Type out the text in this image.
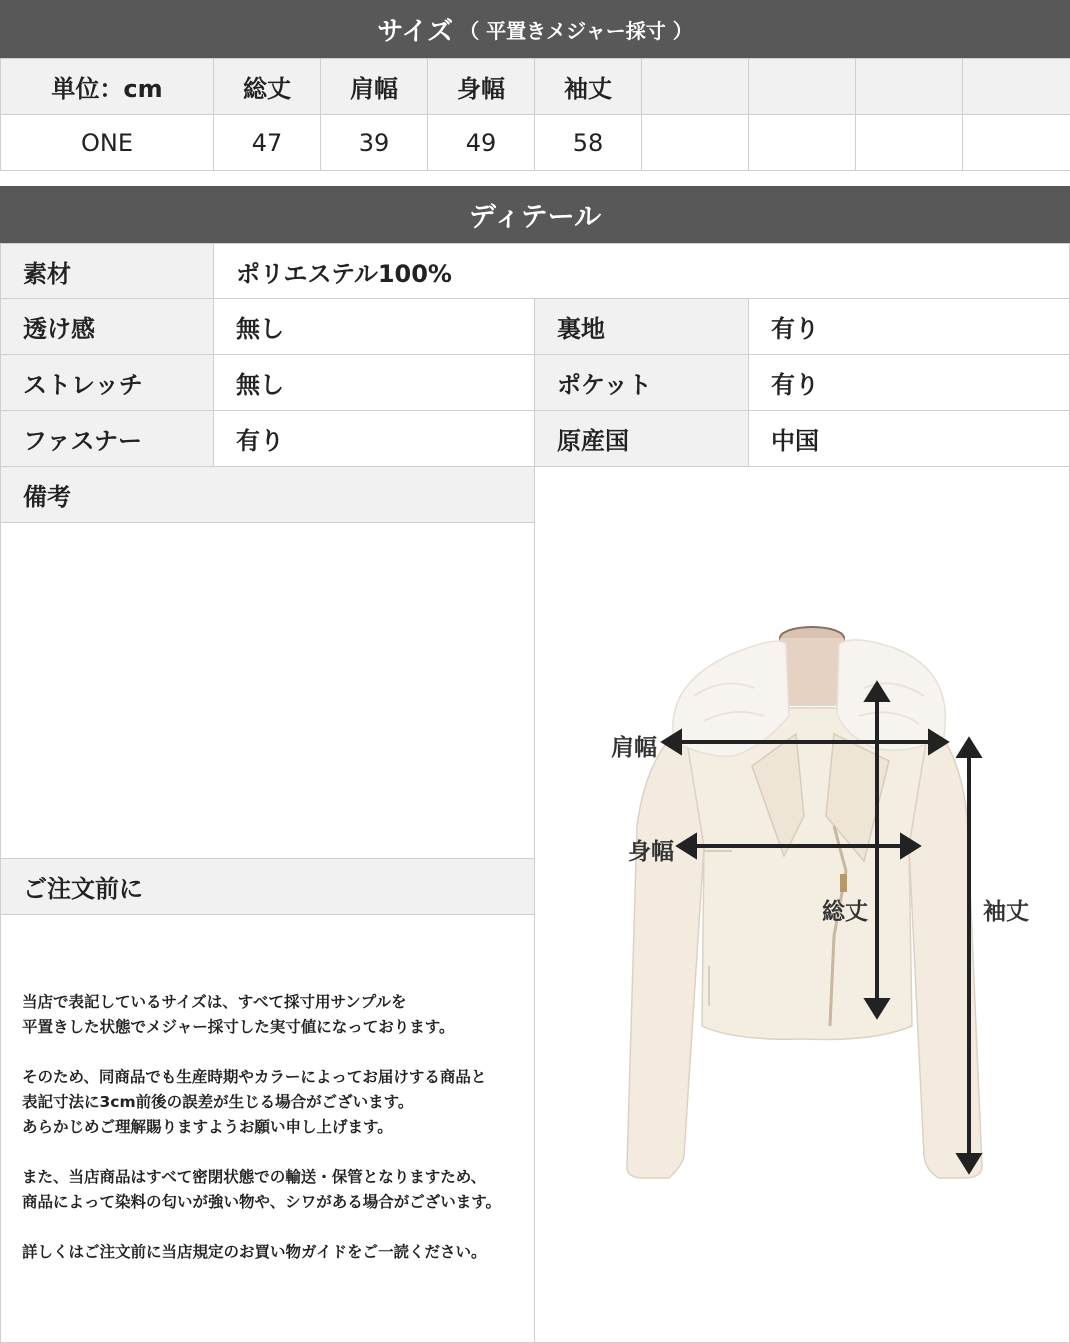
サイズ （ 平置きメジャー採寸 ）
単位：cm	総丈	肩幅	身幅	袖丈				
ONE	47	39	49	58				
ディテール
素材	ポリエステル100%
透け感	無し	裏地	有り
ストレッチ	無し	ポケット	有り
ファスナー	有り	原産国	中国
備考
ご注文前に

当店で表記しているサイズは、すべて採寸用サンプルを
平置きした状態でメジャー採寸した実寸値になっております。

そのため、同商品でも生産時期やカラーによってお届けする商品と
表記寸法に3cm前後の誤差が生じる場合がございます。
あらかじめご理解賜りますようお願い申し上げます。

また、当店商品はすべて密閉状態での輸送・保管となりますため、
商品によって染料の匂いが強い物や、シワがある場合がございます。

詳しくはご注文前に当店規定のお買い物ガイドをご一読ください。

肩幅
身幅
総丈	袖丈
